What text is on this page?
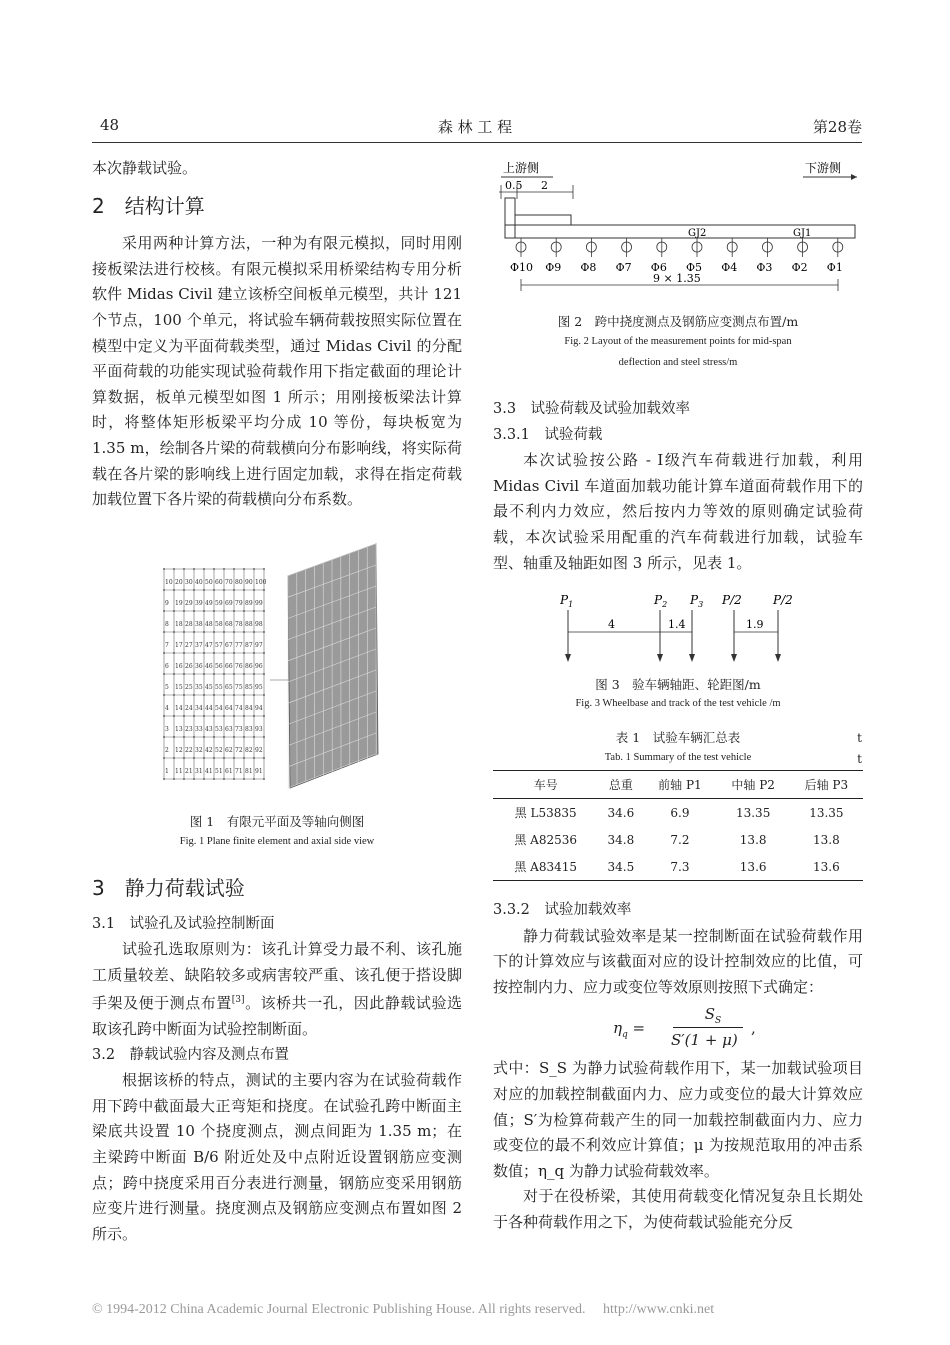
48	森 林 工 程	第28卷

本次静载试验。

2　结构计算

采用两种计算方法，一种为有限元模拟，同时用刚接板梁法进行校核。有限元模拟采用桥梁结构专用分析软件 Midas Civil 建立该桥空间板单元模型，共计 121 个节点，100 个单元，将试验车辆荷载按照实际位置在模型中定义为平面荷载类型，通过 Midas Civil 的分配平面荷载的功能实现试验荷载作用下指定截面的理论计算数据，板单元模型如图 1 所示；用刚接板梁法计算时，将整体矩形板梁平均分成 10 等份，每块板宽为 1.35 m，绘制各片梁的荷载横向分布影响线，将实际荷载在各片梁的影响线上进行固定加载，求得在指定荷载加载位置下各片梁的荷载横向分布系数。

10 20 30 40 50 60 70 80 90 100
9 19 29 39 49 59 69 79 89 99
8 18 28 38 48 58 68 78 88 98
7 17 27 37 47 57 67 77 87 97
6 16 26 36 46 56 66 76 86 96
5 15 25 35 45 55 65 75 85 95
4 14 24 34 44 54 64 74 84 94
3 13 23 33 43 53 63 73 83 93
2 12 22 32 42 52 62 72 82 92
1 11 21 31 41 51 61 71 81 91
图 1　有限元平面及等轴向侧图
Fig. 1 Plane finite element and axial side view
3　静力荷载试验
3.1　试验孔及试验控制断面

试验孔选取原则为：该孔计算受力最不利、该孔施工质量较差、缺陷较多或病害较严重、该孔便于搭设脚手架及便于测点布置[3]。该桥共一孔，因此静载试验选取该孔跨中断面为试验控制断面。

3.2　静载试验内容及测点布置

根据该桥的特点，测试的主要内容为在试验荷载作用下跨中截面最大正弯矩和挠度。在试验孔跨中断面主梁底共设置 10 个挠度测点，测点间距为 1.35 m；在主梁跨中断面 B/6 附近处及中点附近设置钢筋应变测点；跨中挠度采用百分表进行测量，钢筋应变采用钢筋应变片进行测量。挠度测点及钢筋应变测点布置如图 2 所示。

上游侧	下游侧
0.5 2
GJ2	GJ1
Φ10 Φ9 Φ8 Φ7 Φ6 Φ5 Φ4 Φ3 Φ2 Φ1
9 × 1.35
图 2　跨中挠度测点及钢筋应变测点布置/m
Fig. 2 Layout of the measurement points for mid-span
deflection and steel stress/m
3.3　试验荷载及试验加载效率
3.3.1　试验荷载

本次试验按公路 - Ⅰ级汽车荷载进行加载，利用 Midas Civil 车道面加载功能计算车道面荷载作用下的最不利内力效应，然后按内力等效的原则确定试验荷载，本次试验采用配重的汽车荷载进行加载，试验车型、轴重及轴距如图 3 所示，见表 1。

$P_1$	$P_2$ $P_3$ P/2	P/2
4	1.4	1.9
图 3　验车辆轴距、轮距图/m
Fig. 3 Wheelbase and track of the test vehicle /m
表 1　试验车辆汇总表	t
Tab. 1 Summary of the test vehicle	t
车号	总重	前轴 P1	中轴 P2	后轴 P3
黑 L53835	34.6	6.9	13.35	13.35
黑 A82536	34.8	7.2	13.8	13.8
黑 A83415	34.5	7.3	13.6	13.6
3.3.2　试验加载效率

静力荷载试验效率是某一控制断面在试验荷载作用下的计算效应与该截面对应的设计控制效应的比值，可按控制内力、应力或变位等效原则按照下式确定：

$\eta_q$ =
$S_S$
S′(1 + μ)
,

式中：S_S 为静力试验荷载作用下，某一加载试验项目对应的加载控制截面内力、应力或变位的最大计算效应值；S′为检算荷载产生的同一加载控制截面内力、应力或变位的最不利效应计算值；μ 为按规范取用的冲击系数值；η_q 为静力试验荷载效率。

对于在役桥梁，其使用荷载变化情况复杂且长期处于各种荷载作用之下，为使荷载试验能充分反

© 1994-2012 China Academic Journal Electronic Publishing House. All rights reserved.　 http://www.cnki.net
